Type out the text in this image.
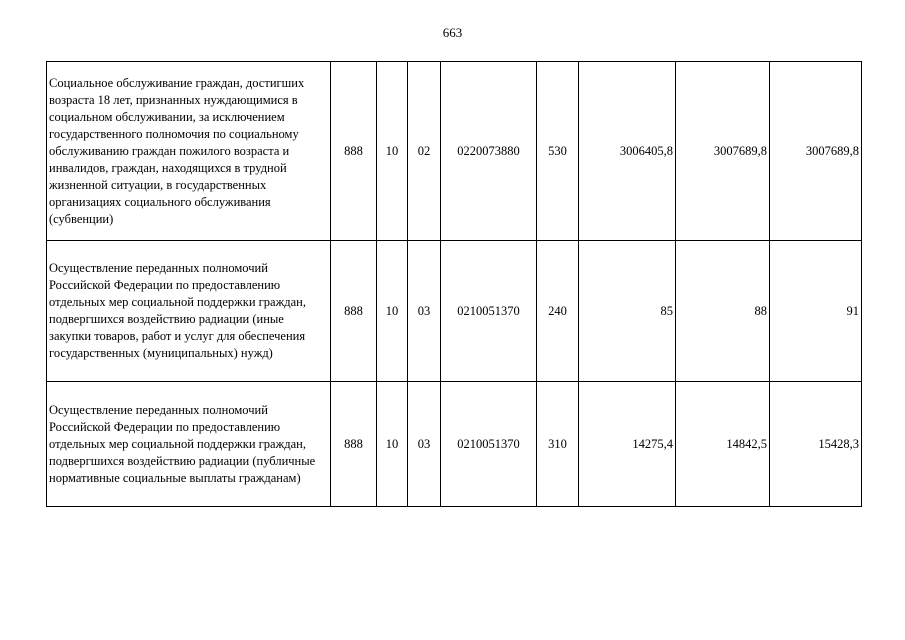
663
Социальное обслуживание граждан, достигших возраста 18 лет, признанных нуждающимися в социальном обслуживании, за исключением государственного полномочия по социальному обслуживанию граждан пожилого возраста и инвалидов, граждан, находящихся в трудной жизненной ситуации, в государственных организациях социального обслуживания (субвенции)	888	10	02	0220073880	530	3006405,8	3007689,8	3007689,8
Осуществление переданных полномочий Российской Федерации по предоставлению отдельных мер социальной поддержки граждан, подвергшихся воздействию радиации (иные закупки товаров, работ и услуг для обеспечения государственных (муниципальных) нужд)	888	10	03	0210051370	240	85	88	91
Осуществление переданных полномочий Российской Федерации по предоставлению отдельных мер социальной поддержки граждан, подвергшихся воздействию радиации (публичные нормативные социальные выплаты гражданам)	888	10	03	0210051370	310	14275,4	14842,5	15428,3
